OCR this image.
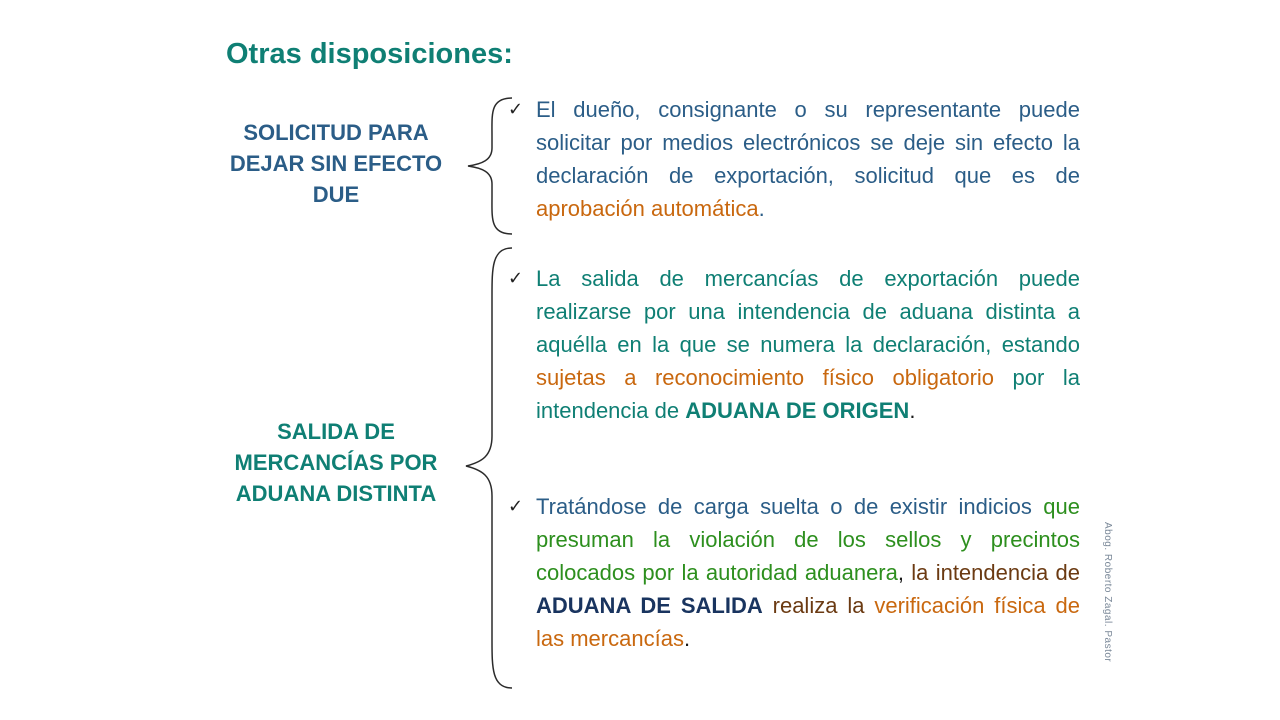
Otras disposiciones:
SOLICITUD PARA
DEJAR SIN EFECTO
DUE
✓ El dueño, consignante o su representante puede solicitar por medios electrónicos se deje sin efecto la declaración de exportación, solicitud que es de aprobación automática.
SALIDA DE
MERCANCÍAS POR
ADUANA DISTINTA
✓ La salida de mercancías de exportación puede realizarse por una intendencia de aduana distinta a aquélla en la que se numera la declaración, estando sujetas a reconocimiento físico obligatorio por la intendencia de ADUANA DE ORIGEN.
✓ Tratándose de carga suelta o de existir indicios que presuman la violación de los sellos y precintos colocados por la autoridad aduanera, la intendencia de ADUANA DE SALIDA realiza la verificación física de las mercancías.	Abog. Roberto Zagal. Pastor
